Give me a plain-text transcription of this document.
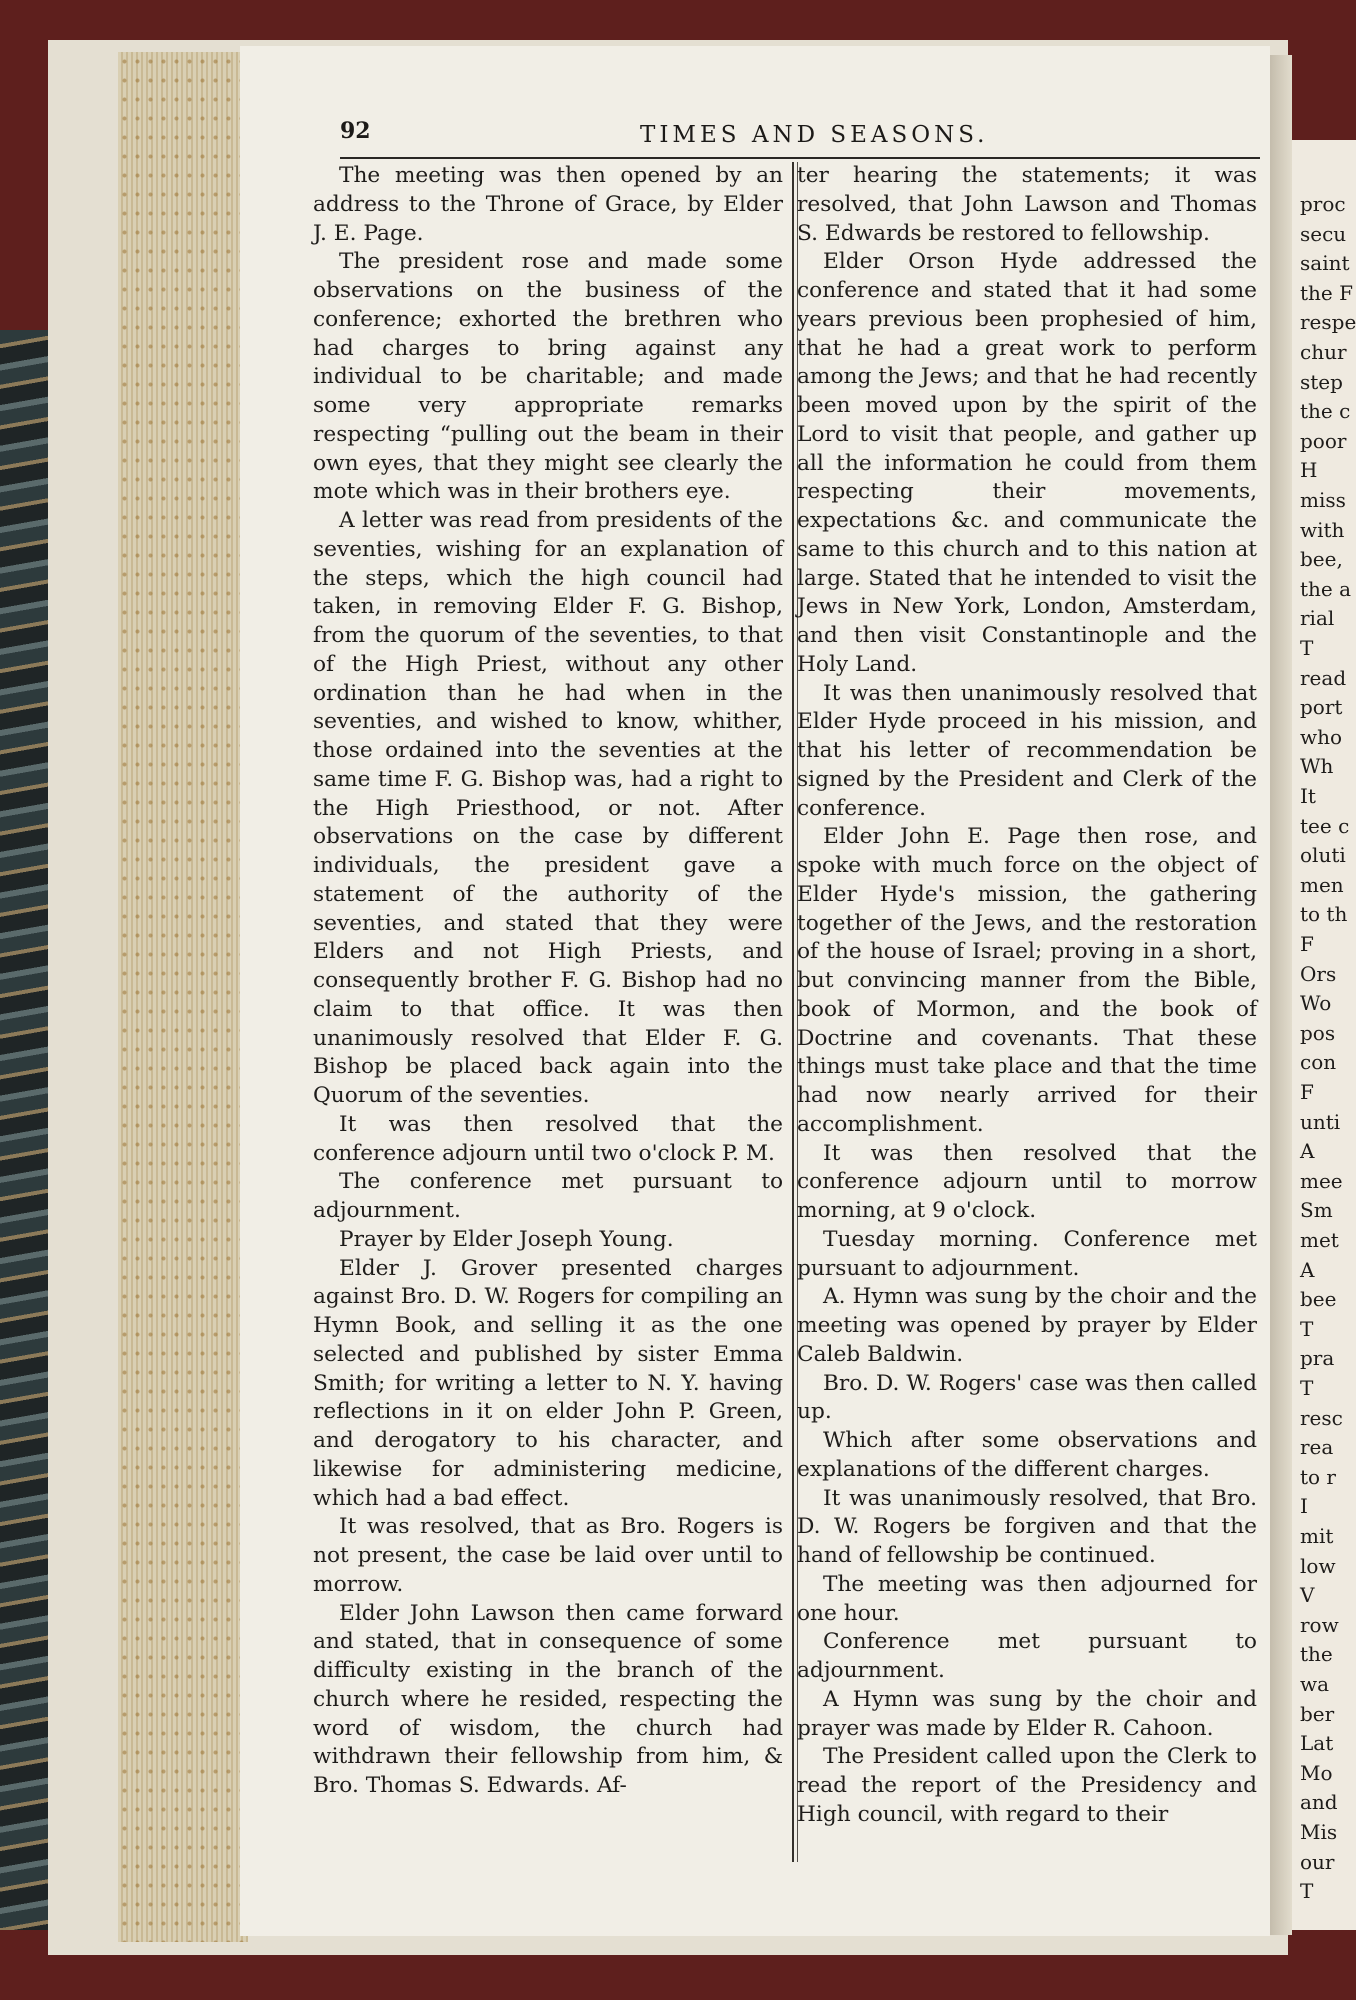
proc
secu
saint
the F
respe
chur
step
the c
poor
H
miss
with
bee,
the a
rial
T
read
port
who
Wh
It
tee c
oluti
men
to th
F
Ors
Wo
pos
con
F
unti
A
mee
Sm
met
A
bee
T
pra
T
resc
rea
to r
I
mit
low
V
row
the
wa
ber
Lat
Mo
and
Mis
our
T
92	TIMES AND SEASONS.

The meeting was then opened by an address to the Throne of Grace, by Elder J. E. Page.

The president rose and made some observations on the business of the conference; exhorted the brethren who had charges to bring against any individual to be charitable; and made some very appropriate remarks respecting “pulling out the beam in their own eyes, that they might see clearly the mote which was in their brothers eye.

A letter was read from presidents of the seventies, wishing for an explanation of the steps, which the high council had taken, in removing Elder F. G. Bishop, from the quorum of the seventies, to that of the High Priest, without any other ordination than he had when in the seventies, and wished to know, whither, those ordained into the seventies at the same time F. G. Bishop was, had a right to the High Priesthood, or not. After observations on the case by different individuals, the president gave a statement of the authority of the seventies, and stated that they were Elders and not High Priests, and consequently brother F. G. Bishop had no claim to that office. It was then unanimously resolved that Elder F. G. Bishop be placed back again into the Quorum of the seventies.

It was then resolved that the conference adjourn until two o'clock P. M.

The conference met pursuant to adjournment.

Prayer by Elder Joseph Young.

Elder J. Grover presented charges against Bro. D. W. Rogers for compiling an Hymn Book, and selling it as the one selected and published by sister Emma Smith; for writing a letter to N. Y. having reflections in it on elder John P. Green, and derogatory to his character, and likewise for administering medicine, which had a bad effect.

It was resolved, that as Bro. Rogers is not present, the case be laid over until to morrow.

Elder John Lawson then came forward and stated, that in consequence of some difficulty existing in the branch of the church where he resided, respecting the word of wisdom, the church had withdrawn their fellowship from him, & Bro. Thomas S. Edwards. Af-

ter hearing the statements; it was resolved, that John Lawson and Thomas S. Edwards be restored to fellowship.

Elder Orson Hyde addressed the conference and stated that it had some years previous been prophesied of him, that he had a great work to perform among the Jews; and that he had recently been moved upon by the spirit of the Lord to visit that people, and gather up all the information he could from them respecting their movements, expectations &c. and communicate the same to this church and to this nation at large. Stated that he intended to visit the Jews in New York, London, Amsterdam, and then visit Constantinople and the Holy Land.

It was then unanimously resolved that Elder Hyde proceed in his mission, and that his letter of recommendation be signed by the President and Clerk of the conference.

Elder John E. Page then rose, and spoke with much force on the object of Elder Hyde's mission, the gathering together of the Jews, and the restoration of the house of Israel; proving in a short, but convincing manner from the Bible, book of Mormon, and the book of Doctrine and covenants. That these things must take place and that the time had now nearly arrived for their accomplishment.

It was then resolved that the conference adjourn until to morrow morning, at 9 o'clock.

Tuesday morning. Conference met pursuant to adjournment.

A. Hymn was sung by the choir and the meeting was opened by prayer by Elder Caleb Baldwin.

Bro. D. W. Rogers' case was then called up.

Which after some observations and explanations of the different charges.

It was unanimously resolved, that Bro. D. W. Rogers be forgiven and that the hand of fellowship be continued.

The meeting was then adjourned for one hour.

Conference met pursuant to adjournment.

A Hymn was sung by the choir and prayer was made by Elder R. Cahoon.

The President called upon the Clerk to read the report of the Presidency and High council, with regard to their
